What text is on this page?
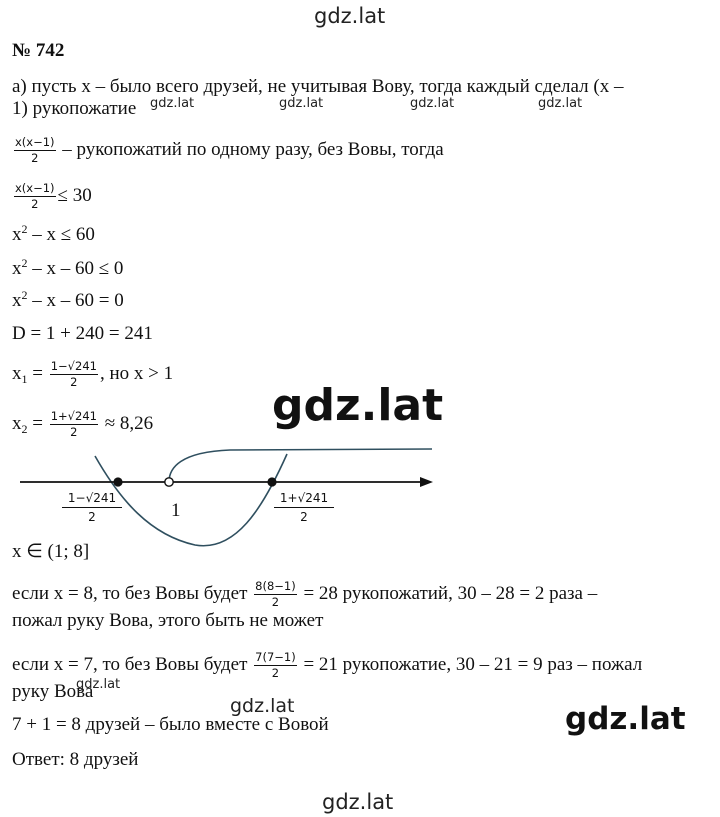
gdz.lat
№ 742
а) пусть x – было всего друзей, не учитывая Вову, тогда каждый сделал (x –
1) рукопожатие gdz.lat	gdz.lat	gdz.lat	gdz.lat
$\frac{x(x-1)}{2}$ – рукопожатий по одному разу, без Вовы, тогда
$\frac{x(x-1)}{2} \le 30$
$x^2 - x \le 60$
$x^2 - x - 60 \le 0$
$x^2 - x - 60 = 0$
D = 1 + 240 = 241
$x_1 = \frac{1-√241}{2}$ , но x > 1
$x_2 = \frac{1+√241}{2} \approx 8,26$	gdz.lat
$\frac{1-√241}{2}$	1	$\frac{1+√241}{2}$
x ∈ (1; 8]
если x = 8, то без Вовы будет $\frac{8(8-1)}{2} = 28$ рукопожатий, 30 – 28 = 2 раза –
пожал руку Вова, этого быть не может
если x = 7, то без Вовы будет $\frac{7(7-1)}{2} = 21$ рукопожатие, 30 – 21 = 9 раз – пожал
руку Вова
gdz.lat
gdz.lat
7 + 1 = 8 друзей – было вместе с Вовой	gdz.lat
Ответ: 8 друзей
gdz.lat
